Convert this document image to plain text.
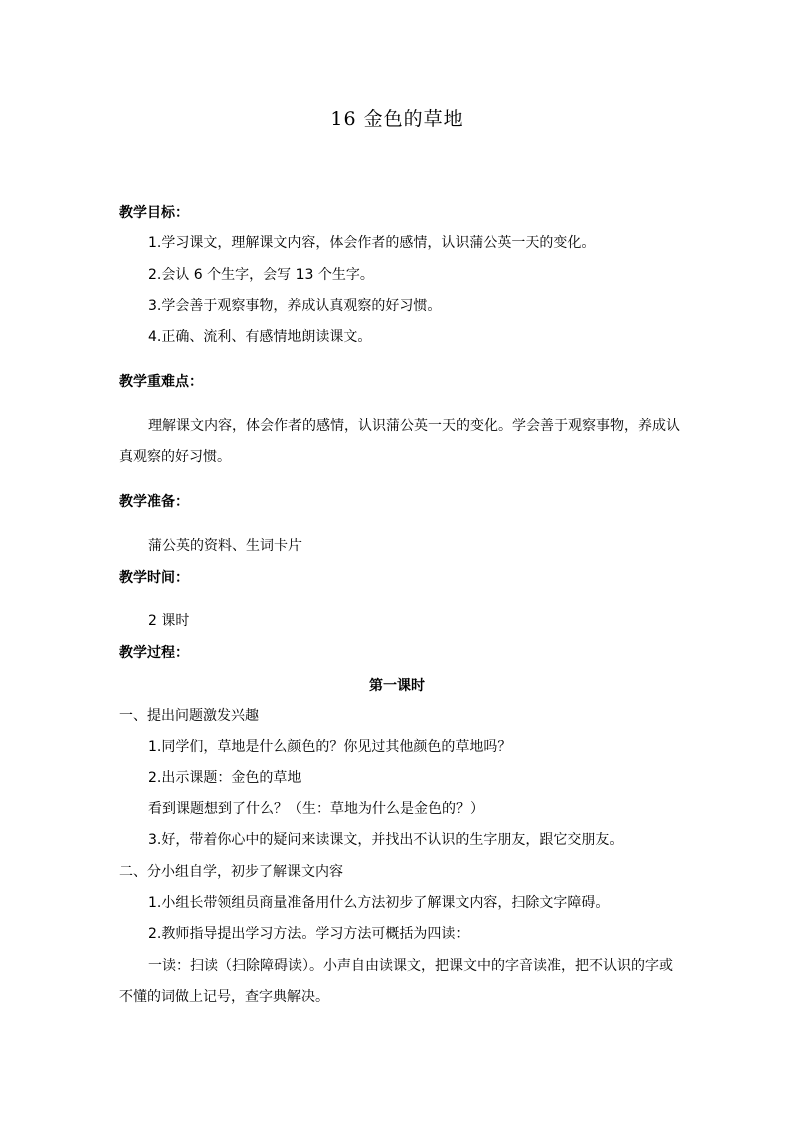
16 金色的草地
教学目标：
1.学习课文，理解课文内容，体会作者的感情，认识蒲公英一天的变化。
2.会认 6 个生字，会写 13 个生字。
3.学会善于观察事物，养成认真观察的好习惯。
4.正确、流利、有感情地朗读课文。
教学重难点：
理解课文内容，体会作者的感情，认识蒲公英一天的变化。学会善于观察事物，养成认
真观察的好习惯。
教学准备：
蒲公英的资料、生词卡片
教学时间：
2 课时
教学过程：
第一课时
一、提出问题激发兴趣
1.同学们，草地是什么颜色的？你见过其他颜色的草地吗？
2.出示课题：金色的草地
看到课题想到了什么？（生：草地为什么是金色的？）
3.好，带着你心中的疑问来读课文，并找出不认识的生字朋友，跟它交朋友。
二、分小组自学，初步了解课文内容
1.小组长带领组员商量准备用什么方法初步了解课文内容，扫除文字障碍。
2.教师指导提出学习方法。学习方法可概括为四读：
一读：扫读（扫除障碍读）。小声自由读课文，把课文中的字音读准，把不认识的字或
不懂的词做上记号，查字典解决。
